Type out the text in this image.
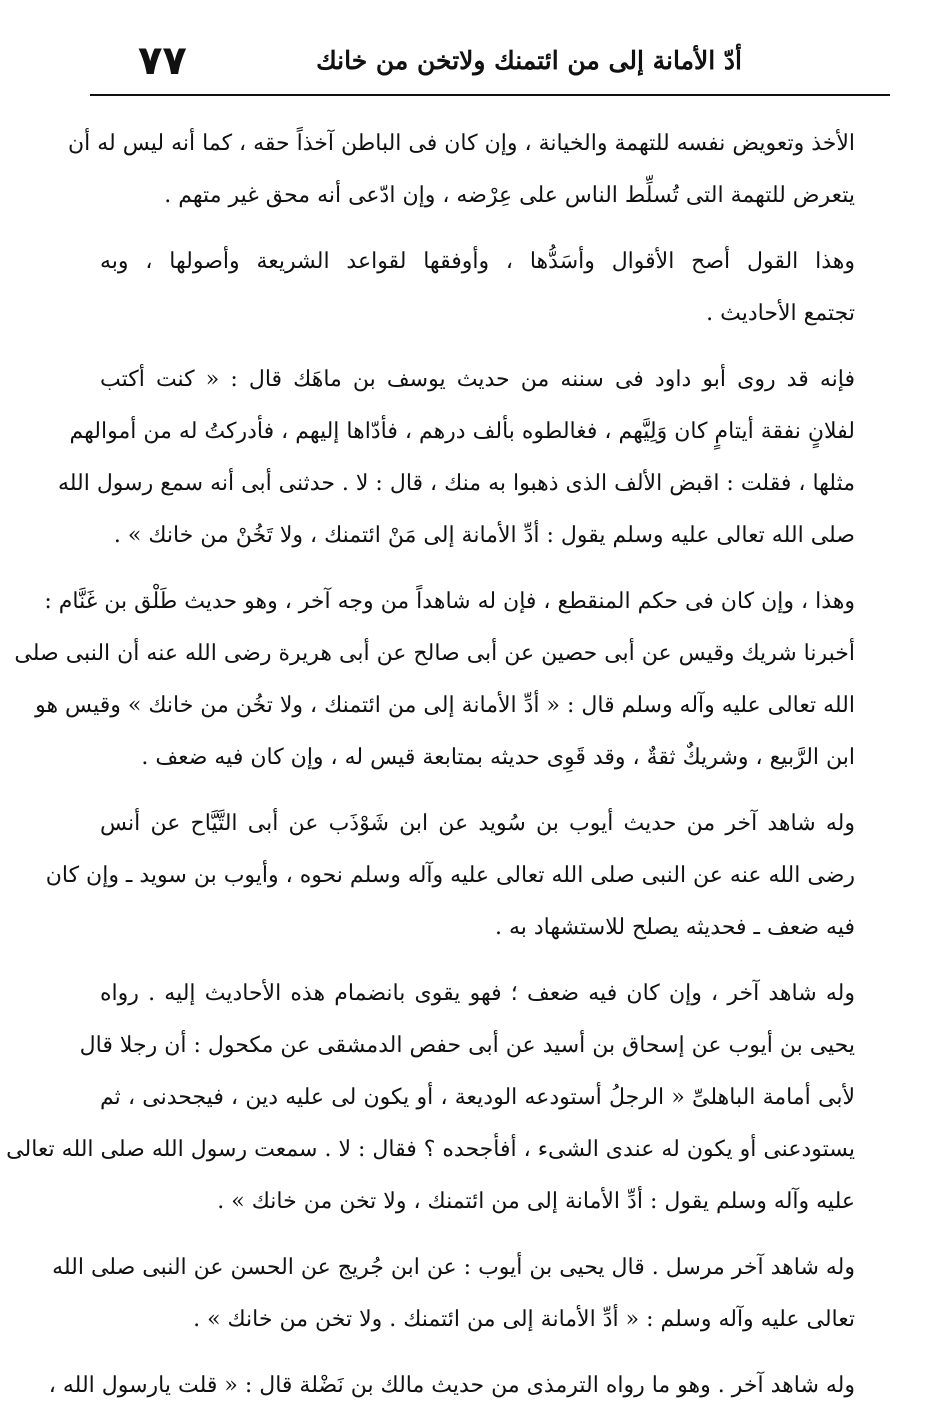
٧٧	أدّ الأمانة إلى من ائتمنك ولاتخن من خانك
الأخذ وتعويض نفسه للتهمة والخيانة ، وإن كان فى الباطن آخذاً حقه ، كما أنه ليس له أن
يتعرض للتهمة التى تُسلِّط الناس على عِرْضه ، وإن ادّعى أنه محق غير متهم .
وهذا القول أصح الأقوال وأسَدُّها ، وأوفقها لقواعد الشريعة وأصولها ، وبه
تجتمع الأحاديث .
فإنه قد روى أبو داود فى سننه من حديث يوسف بن ماهَك قال : « كنت أكتب
لفلانٍ نفقة أيتامٍ كان وَلِيَّهم ، فغالطوه بألف درهم ، فأدّاها إليهم ، فأدركتُ له من أموالهم
مثلها ، فقلت : اقبض الألف الذى ذهبوا به منك ، قال : لا . حدثنى أبى أنه سمع رسول الله
صلى الله تعالى عليه وسلم يقول : أدِّ الأمانة إلى مَنْ ائتمنك ، ولا تَخُنْ من خانك » .
وهذا ، وإن كان فى حكم المنقطع ، فإن له شاهداً من وجه آخر ، وهو حديث طَلْق بن غَنَّام :
أخبرنا شريك وقيس عن أبى حصين عن أبى صالح عن أبى هريرة رضى الله عنه أن النبى صلى
الله تعالى عليه وآله وسلم قال : « أدِّ الأمانة إلى من ائتمنك ، ولا تخُن من خانك » وقيس هو
ابن الرَّبيع ، وشريكٌ ثقةٌ ، وقد قَوِى حديثه بمتابعة قيس له ، وإن كان فيه ضعف .
وله شاهد آخر من حديث أيوب بن سُويد عن ابن شَوْذَب عن أبى التَّيَّاح عن أنس
رضى الله عنه عن النبى صلى الله تعالى عليه وآله وسلم نحوه ، وأيوب بن سويد ـ وإن كان
فيه ضعف ـ فحديثه يصلح للاستشهاد به .
وله شاهد آخر ، وإن كان فيه ضعف ؛ فهو يقوى بانضمام هذه الأحاديث إليه . رواه
يحيى بن أيوب عن إسحاق بن أسيد عن أبى حفص الدمشقى عن مكحول : أن رجلا قال
لأبى أمامة الباهلىِّ « الرجلُ أستودعه الوديعة ، أو يكون لى عليه دين ، فيجحدنى ، ثم
يستودعنى أو يكون له عندى الشىء ، أفأجحده ؟ فقال : لا . سمعت رسول الله صلى الله تعالى
عليه وآله وسلم يقول : أدِّ الأمانة إلى من ائتمنك ، ولا تخن من خانك » .
وله شاهد آخر مرسل . قال يحيى بن أيوب : عن ابن جُريج عن الحسن عن النبى صلى الله
تعالى عليه وآله وسلم : « أدِّ الأمانة إلى من ائتمنك . ولا تخن من خانك » .
وله شاهد آخر . وهو ما رواه الترمذى من حديث مالك بن نَضْلة قال : « قلت يارسول الله ،
